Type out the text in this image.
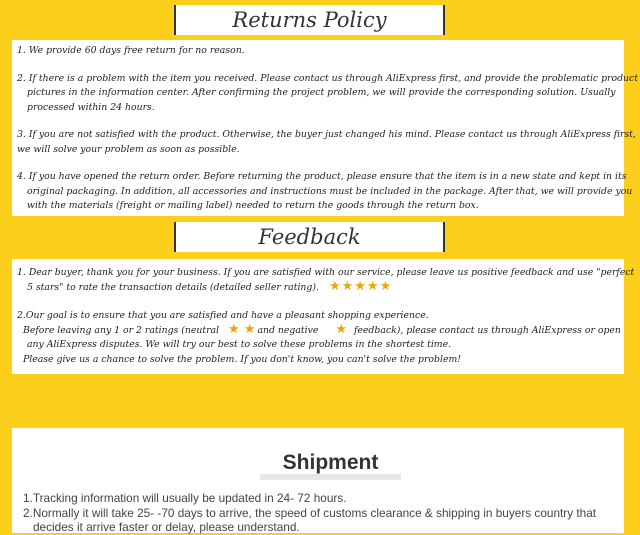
Returns Policy

1. We provide 60 days free return for no reason.

2. If there is a problem with the item you received. Please contact us through AliExpress first, and provide the problematic product
pictures in the information center. After confirming the project problem, we will provide the corresponding solution. Usually
processed within 24 hours.

3. If you are not satisfied with the product. Otherwise, the buyer just changed his mind. Please contact us through AliExpress first,
we will solve your problem as soon as possible.

4. If you have opened the return order. Before returning the product, please ensure that the item is in a new state and kept in its
original packaging. In addition, all accessories and instructions must be included in the package. After that, we will provide you
with the materials (freight or mailing label) needed to return the goods through the return box.

Feedback

1. Dear buyer, thank you for your business. If you are satisfied with our service, please leave us positive feedback and use "perfect
5 stars" to rate the transaction details (detailed seller rating). ★★★★★

2.Our goal is to ensure that you are satisfied and have a pleasant shopping experience.
Before leaving any 1 or 2 ratings (neutral ★ ★ and negative ★ feedback), please contact us through AliExpress or open
any AliExpress disputes. We will try our best to solve these problems in the shortest time.
Please give us a chance to solve the problem. If you don't know, you can't solve the problem!

Shipment
1.Tracking information will usually be updated in 24- 72 hours.
2.Normally it will take 25- -70 days to arrive, the speed of customs clearance & shipping in buyers country that
decides it arrive faster or delay, please understand.
